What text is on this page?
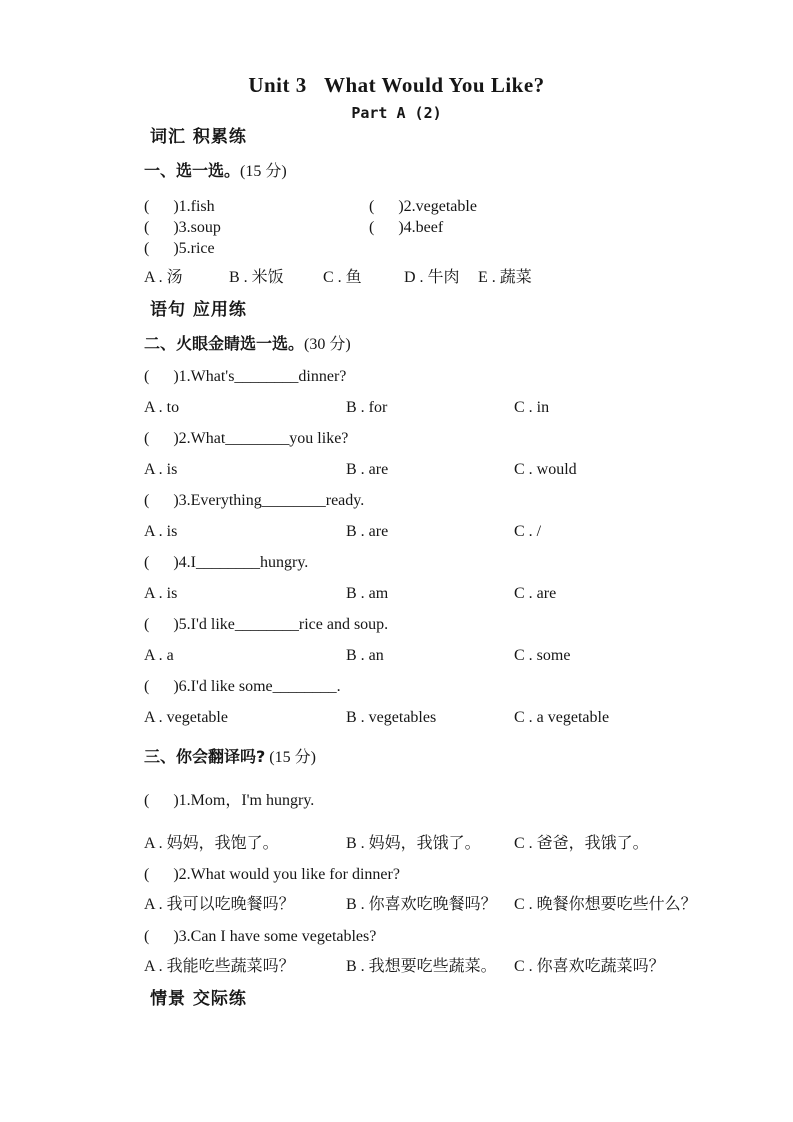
Unit 3   What Would You Like?
Part A (2)
词汇 积累练
一、选一选。(15 分)
(      )1.fish	(      )2.vegetable
(      )3.soup	(      )4.beef
(      )5.rice
A . 汤	B . 米饭	C . 鱼	D . 牛肉	E . 蔬菜
语句 应用练
二、火眼金睛选一选。(30 分)
(      )1.What's________dinner?
A . to	B . for	C . in
(      )2.What________you like?
A . is	B . are	C . would
(      )3.Everything________ready.
A . is	B . are	C . /
(      )4.I________hungry.
A . is	B . am	C . are
(      )5.I'd like________rice and soup.
A . a	B . an	C . some
(      )6.I'd like some________.
A . vegetable	B . vegetables	C . a vegetable
三、你会翻译吗? (15 分)
(      )1.Mom，I'm hungry.
A . 妈妈，我饱了。	B . 妈妈，我饿了。	C . 爸爸，我饿了。
(      )2.What would you like for dinner?
A . 我可以吃晚餐吗？	B . 你喜欢吃晚餐吗？	C . 晚餐你想要吃些什么？
(      )3.Can I have some vegetables?
A . 我能吃些蔬菜吗？	B . 我想要吃些蔬菜。	C . 你喜欢吃蔬菜吗？
情景 交际练
